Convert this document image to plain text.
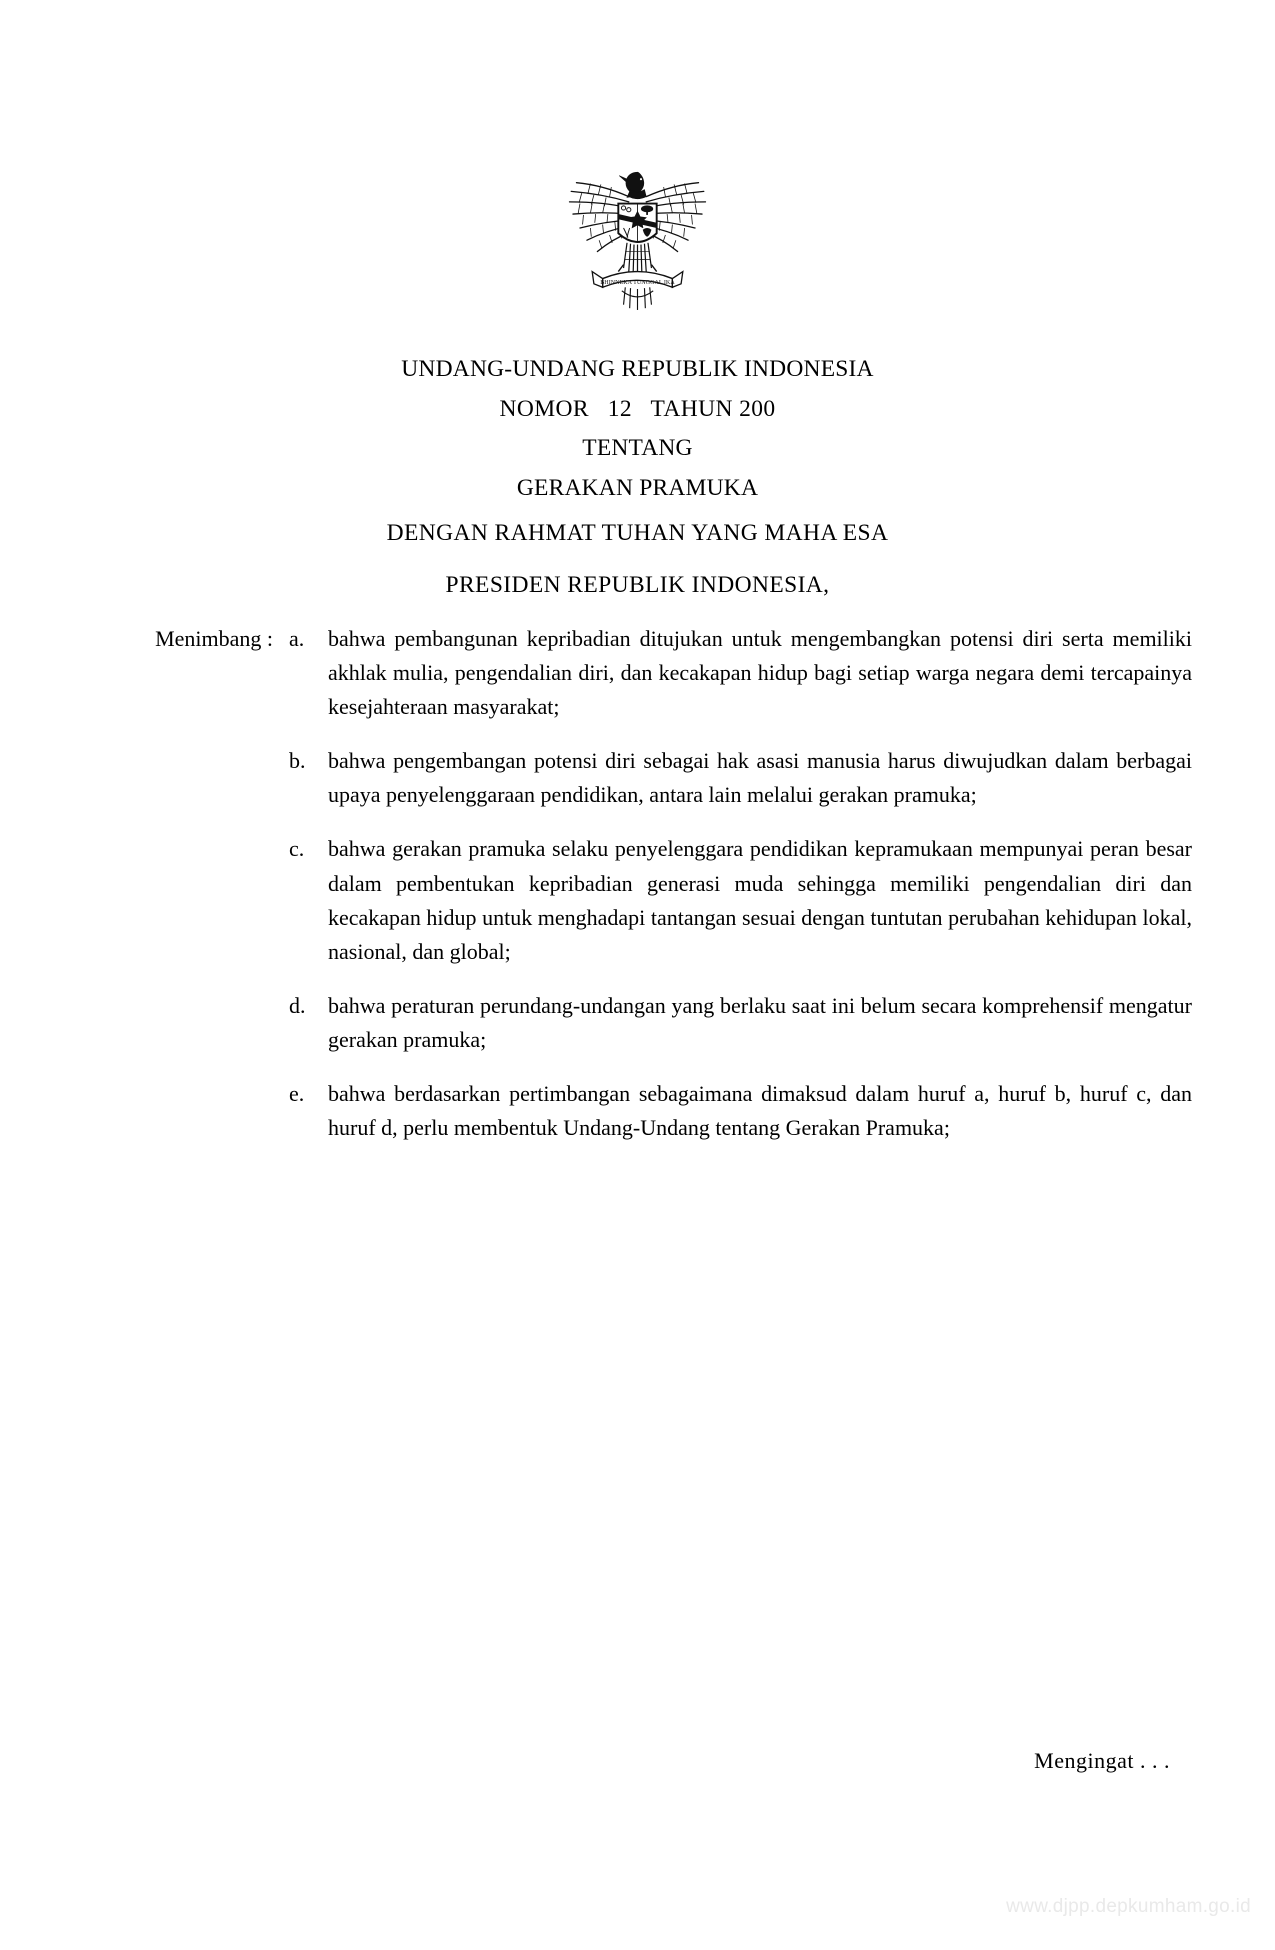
BHINNEKA TUNGGAL IKA
UNDANG-UNDANG REPUBLIK INDONESIA
NOMOR   12   TAHUN 200
TENTANG
GERAKAN PRAMUKA
DENGAN RAHMAT TUHAN YANG MAHA ESA
PRESIDEN REPUBLIK INDONESIA,
Menimbang : a.	bahwa pembangunan kepribadian ditujukan untuk mengembangkan potensi diri serta memiliki akhlak mulia, pengendalian diri, dan kecakapan hidup bagi setiap warga negara demi tercapainya kesejahteraan masyarakat;
b.	bahwa pengembangan potensi diri sebagai hak asasi manusia harus diwujudkan dalam berbagai upaya penyelenggaraan pendidikan, antara lain melalui gerakan pramuka;
c.	bahwa gerakan pramuka selaku penyelenggara pendidikan kepramukaan mempunyai peran besar dalam pembentukan kepribadian generasi muda sehingga memiliki pengendalian diri dan kecakapan hidup untuk menghadapi tantangan sesuai dengan tuntutan perubahan kehidupan lokal, nasional, dan global;
d.	bahwa peraturan perundang-undangan yang berlaku saat ini belum secara komprehensif mengatur gerakan pramuka;
e.	bahwa berdasarkan pertimbangan sebagaimana dimaksud dalam huruf a, huruf b, huruf c, dan huruf d, perlu membentuk Undang-Undang tentang Gerakan Pramuka;
Mengingat . . .
www.djpp.depkumham.go.id
